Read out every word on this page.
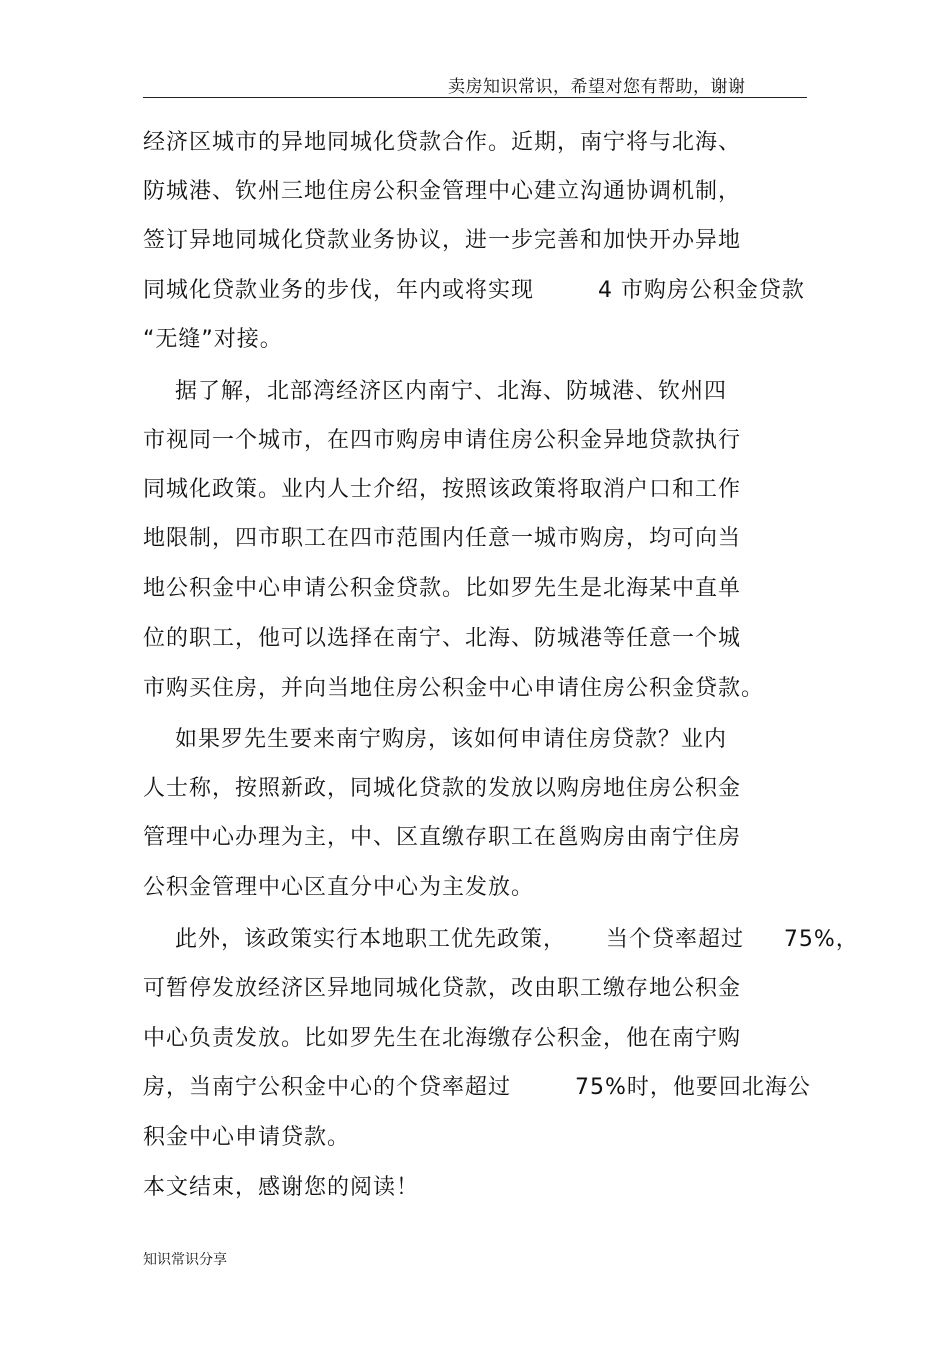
卖房知识常识，希望对您有帮助，谢谢
经济区城市的异地同城化贷款合作。近期，南宁将与北海、
防城港、钦州三地住房公积金管理中心建立沟通协调机制，
签订异地同城化贷款业务协议，进一步完善和加快开办异地
同城化贷款业务的步伐，年内或将实现        4 市购房公积金贷款
“无缝”对接。
据了解，北部湾经济区内南宁、北海、防城港、钦州四
市视同一个城市，在四市购房申请住房公积金异地贷款执行
同城化政策。业内人士介绍，按照该政策将取消户口和工作
地限制，四市职工在四市范围内任意一城市购房，均可向当
地公积金中心申请公积金贷款。比如罗先生是北海某中直单
位的职工，他可以选择在南宁、北海、防城港等任意一个城
市购买住房，并向当地住房公积金中心申请住房公积金贷款。
如果罗先生要来南宁购房，该如何申请住房贷款？业内
人士称，按照新政，同城化贷款的发放以购房地住房公积金
管理中心办理为主，中、区直缴存职工在邕购房由南宁住房
公积金管理中心区直分中心为主发放。
此外，该政策实行本地职工优先政策，     当个贷率超过     75%，
可暂停发放经济区异地同城化贷款，改由职工缴存地公积金
中心负责发放。比如罗先生在北海缴存公积金，他在南宁购
房，当南宁公积金中心的个贷率超过        75%时，他要回北海公
积金中心申请贷款。
本文结束，感谢您的阅读！
知识常识分享
